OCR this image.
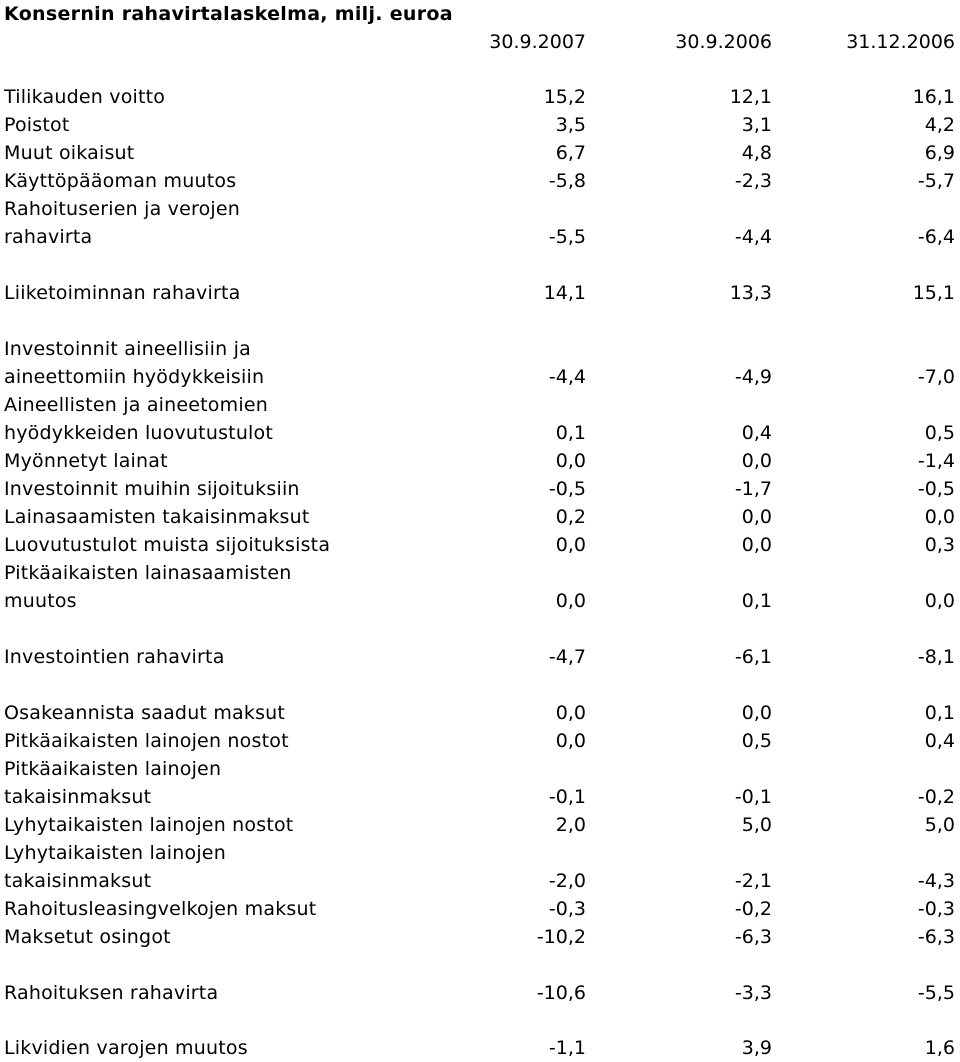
Konsernin rahavirtalaskelma, milj. euroa
30.9.2007	30.9.2006	31.12.2006
Tilikauden voitto	15,2	12,1	16,1
Poistot	3,5	3,1	4,2
Muut oikaisut	6,7	4,8	6,9
Käyttöpääoman muutos	-5,8	-2,3	-5,7
Rahoituserien ja verojen
rahavirta	-5,5	-4,4	-6,4
Liiketoiminnan rahavirta	14,1	13,3	15,1
Investoinnit aineellisiin ja
aineettomiin hyödykkeisiin	-4,4	-4,9	-7,0
Aineellisten ja aineetomien
hyödykkeiden luovutustulot	0,1	0,4	0,5
Myönnetyt lainat	0,0	0,0	-1,4
Investoinnit muihin sijoituksiin	-0,5	-1,7	-0,5
Lainasaamisten takaisinmaksut	0,2	0,0	0,0
Luovutustulot muista sijoituksista	0,0	0,0	0,3
Pitkäaikaisten lainasaamisten
muutos	0,0	0,1	0,0
Investointien rahavirta	-4,7	-6,1	-8,1
Osakeannista saadut maksut	0,0	0,0	0,1
Pitkäaikaisten lainojen nostot	0,0	0,5	0,4
Pitkäaikaisten lainojen
takaisinmaksut	-0,1	-0,1	-0,2
Lyhytaikaisten lainojen nostot	2,0	5,0	5,0
Lyhytaikaisten lainojen
takaisinmaksut	-2,0	-2,1	-4,3
Rahoitusleasingvelkojen maksut	-0,3	-0,2	-0,3
Maksetut osingot	-10,2	-6,3	-6,3
Rahoituksen rahavirta	-10,6	-3,3	-5,5
Likvidien varojen muutos	-1,1	3,9	1,6
